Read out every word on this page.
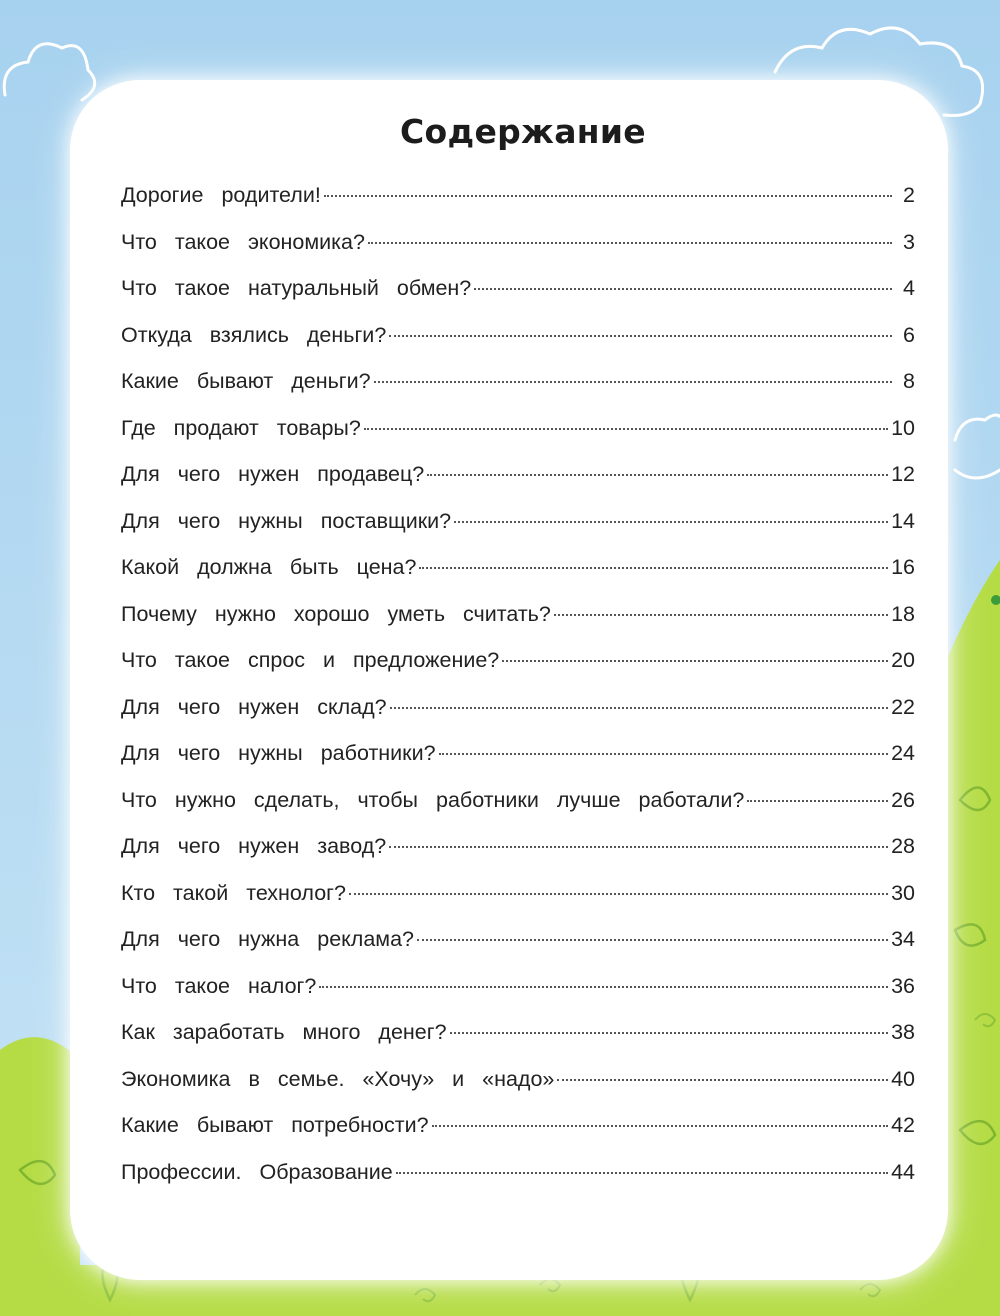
Содержание
Дорогие родители!	2
Что такое экономика?	3
Что такое натуральный обмен?	4
Откуда взялись деньги?	6
Какие бывают деньги?	8
Где продают товары?	10
Для чего нужен продавец?	12
Для чего нужны поставщики?	14
Какой должна быть цена?	16
Почему нужно хорошо уметь считать?	18
Что такое спрос и предложение?	20
Для чего нужен склад?	22
Для чего нужны работники?	24
Что нужно сделать, чтобы работники лучше работали?	26
Для чего нужен завод?	28
Кто такой технолог?	30
Для чего нужна реклама?	34
Что такое налог?	36
Как заработать много денег?	38
Экономика в семье. «Хочу» и «надо»	40
Какие бывают потребности?	42
Профессии. Образование	44
